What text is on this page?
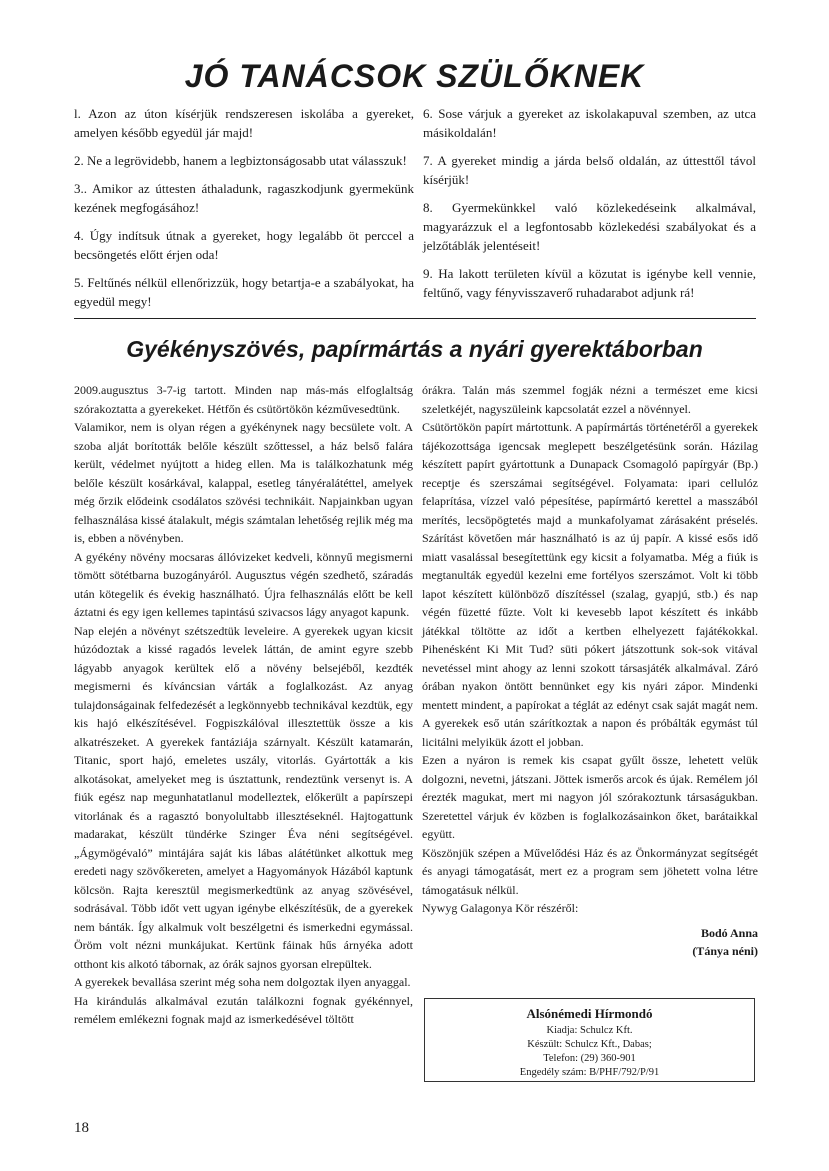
JÓ TANÁCSOK SZÜLŐKNEK

l. Azon az úton kísérjük rendszeresen iskolába a gyereket, amelyen később egyedül jár majd!

2. Ne a legrövidebb, hanem a legbiztonságosabb utat válasszuk!

3.. Amikor az úttesten áthaladunk, ragaszkodjunk gyermekünk kezének megfogásához!

4. Úgy indítsuk útnak a gyereket, hogy legalább öt perccel a becsöngetés előtt érjen oda!

5. Feltűnés nélkül ellenőrizzük, hogy betartja-e a szabályokat, ha egyedül megy!

6. Sose várjuk a gyereket az iskolakapuval szemben, az utca másikoldalán!

7. A gyereket mindig a járda belső oldalán, az úttesttől távol kísérjük!

8. Gyermekünkkel való közlekedéseink alkalmával, magyarázzuk el a legfontosabb közlekedési szabályokat és a jelzőtáblák jelentéseit!

9. Ha lakott területen kívül a közutat is igénybe kell vennie, feltűnő, vagy fényvisszaverő ruhadarabot adjunk rá!

Gyékényszövés, papírmártás a nyári gyerektáborban

2009.augusztus 3-7-ig tartott. Minden nap más-más elfoglaltság szórakoztatta a gyerekeket. Hétfőn és csütörtökön kézművesedtünk.

Valamikor, nem is olyan régen a gyékénynek nagy becsülete volt. A szoba alját borították belőle készült szőttessel, a ház belső falára került, védelmet nyújtott a hideg ellen. Ma is találkozhatunk még belőle készült kosárkával, kalappal, esetleg tányéralátéttel, amelyek még őrzik elődeink csodálatos szövési technikáit. Napjainkban ugyan felhasználása kissé átalakult, mégis számtalan lehetőség rejlik még ma is, ebben a növényben.

A gyékény növény mocsaras állóvizeket kedveli, könnyű megismerni tömött sötétbarna buzogányáról. Augusztus végén szedhető, száradás után kötegelik és évekig használható. Újra felhasználás előtt be kell áztatni és egy igen kellemes tapintású szivacsos lágy anyagot kapunk.

Nap elején a növényt szétszedtük leveleire. A gyerekek ugyan kicsit húzódoztak a kissé ragadós levelek láttán, de amint egyre szebb lágyabb anyagok kerültek elő a növény belsejéből, kezdték megismerni és kíváncsian várták a foglalkozást. Az anyag tulajdonságainak felfedezését a legkönnyebb technikával kezdtük, egy kis hajó elkészítésével. Fogpiszkálóval illesztettük össze a kis alkatrészeket. A gyerekek fantáziája szárnyalt. Készült katamarán, Titanic, sport hajó, emeletes uszály, vitorlás. Gyártották a kis alkotásokat, amelyeket meg is úsztattunk, rendeztünk versenyt is. A fiúk egész nap megunhatatlanul modelleztek, előkerült a papírszepi vitorlának és a ragasztó bonyolultabb illesztéseknél. Hajtogattunk madarakat, készült tündérke Szinger Éva néni segítségével. „Ágymögévaló” mintájára saját kis lábas alátétünket alkottuk meg eredeti nagy szövőkereten, amelyet a Hagyományok Házából kaptunk kölcsön. Rajta keresztül megismerkedtünk az anyag szövésével, sodrásával. Több időt vett ugyan igénybe elkészítésük, de a gyerekek nem bánták. Így alkalmuk volt beszélgetni és ismerkedni egymással. Öröm volt nézni munkájukat. Kertünk fáinak hűs árnyéka adott otthont kis alkotó tábornak, az órák sajnos gyorsan elrepültek.

A gyerekek bevallása szerint még soha nem dolgoztak ilyen anyaggal.

Ha kirándulás alkalmával ezután találkozni fognak gyékénnyel, remélem emlékezni fognak majd az ismerkedésével töltött

órákra. Talán más szemmel fogják nézni a természet eme kicsi szeletkéjét, nagyszüleink kapcsolatát ezzel a növénnyel.

Csütörtökön papírt mártottunk. A papírmártás történetéről a gyerekek tájékozottsága igencsak meglepett beszélgetésünk során. Házilag készített papírt gyártottunk a Dunapack Csomagoló papírgyár (Bp.) receptje és szerszámai segítségével. Folyamata: ipari cellulóz felaprítása, vízzel való pépesítése, papírmártó kerettel a masszából merítés, lecsöpögtetés majd a munkafolyamat zárásaként préselés. Szárítást követően már használható is az új papír. A kissé esős idő miatt vasalással besegítettünk egy kicsit a folyamatba. Még a fiúk is megtanulták egyedül kezelni eme fortélyos szerszámot. Volt ki több lapot készített különböző díszítéssel (szalag, gyapjú, stb.) és nap végén füzetté fűzte. Volt ki kevesebb lapot készített és inkább játékkal töltötte az időt a kertben elhelyezett fajátékokkal. Pihenésként Ki Mit Tud? süti pókert játszottunk sok-sok vitával nevetéssel mint ahogy az lenni szokott társasjáték alkalmával. Záró órában nyakon öntött bennünket egy kis nyári zápor. Mindenki mentett mindent, a papírokat a téglát az edényt csak saját magát nem. A gyerekek eső után szárítkoztak a napon és próbálták egymást túl licitálni melyikük ázott el jobban.

Ezen a nyáron is remek kis csapat gyűlt össze, lehetett velük dolgozni, nevetni, játszani. Jöttek ismerős arcok és újak. Remélem jól érezték magukat, mert mi nagyon jól szórakoztunk társaságukban. Szeretettel várjuk év közben is foglalkozásainkon őket, barátaikkal együtt.

Köszönjük szépen a Művelődési Ház és az Önkormányzat segítségét és anyagi támogatását, mert ez a program sem jöhetett volna létre támogatásuk nélkül.

Nywyg Galagonya Kör részéről:

Bodó Anna

(Tánya néni)

Alsónémedi Hírmondó
Kiadja: Schulcz Kft.
Készült: Schulcz Kft., Dabas;
Telefon: (29) 360-901
Engedély szám: B/PHF/792/P/91
18
